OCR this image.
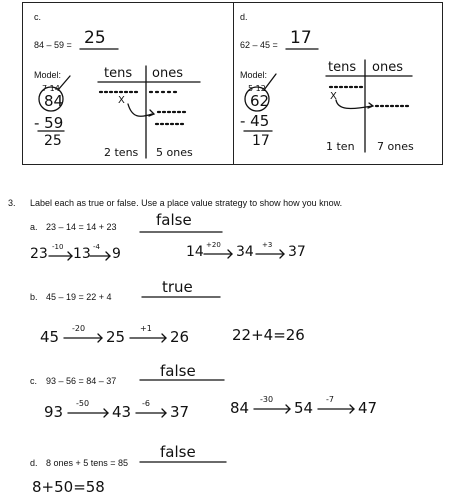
c.
84 – 59 = 25
Model:
7 14
84
- 59
25
tens ones
X
2 tens 5 ones
d.
62 – 45 = 17
Model:
5 12
62
- 45
17
tens ones
X
1 ten 7 ones
3. Label each as true or false. Use a place value strategy to show how you know.
a. 23 – 14 = 14 + 23	false
23 -10 13 -4 9	14 +20 34 +3 37
b. 45 – 19 = 22 + 4
true
45 -20 25 +1 26	22+4=26
c. 93 – 56 = 84 – 37
false
93 -50 43 -6 37	84 -30 54 -7 47
d. 8 ones + 5 tens = 85
false
8+50=58
